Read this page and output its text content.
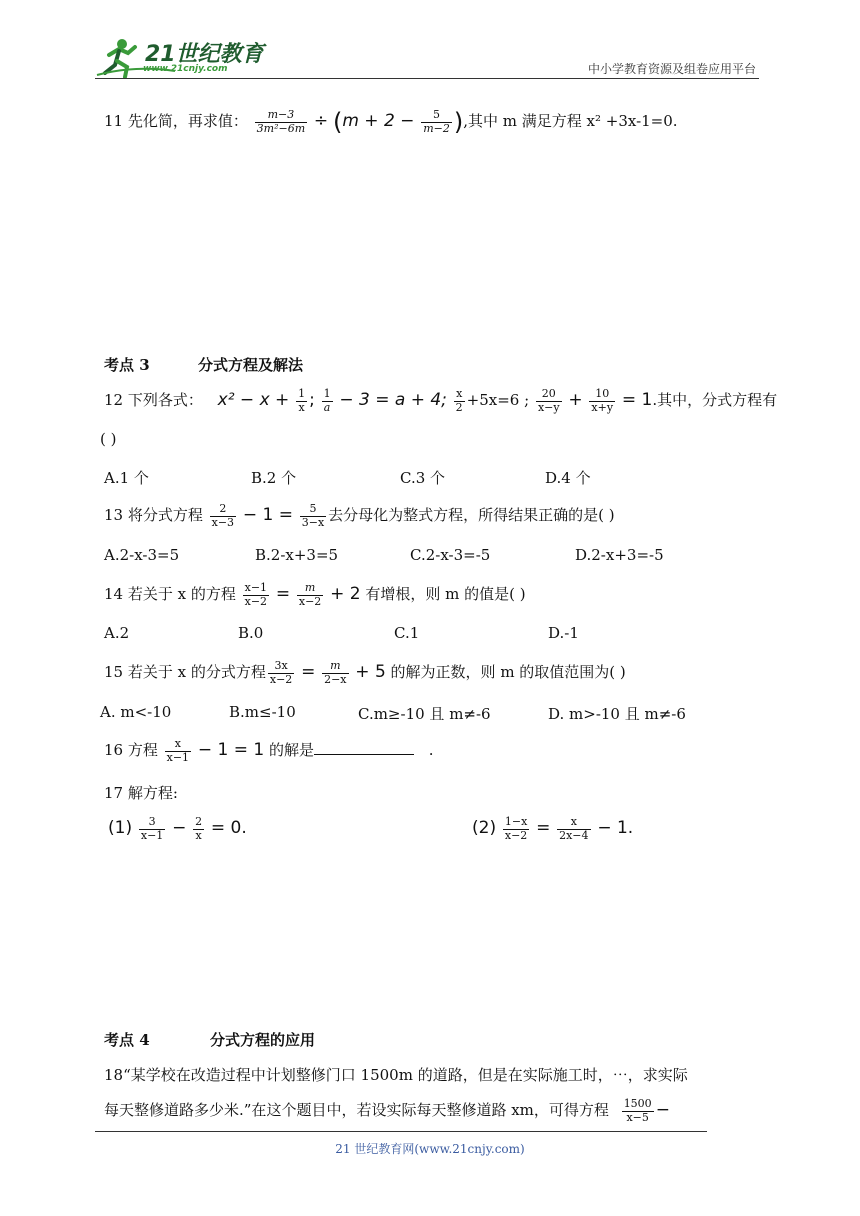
21世纪教育
www.21cnjy.com	中小学教育资源及组卷应用平台
11 先化简，再求值： $\frac{m-3}{\text{3m²−6m}} \div (m + 2 - \frac{5}{m-2}$ ),其中 m 满足方程 x² +3x-1=0.
考点 3	分式方程及解法
12 下列各式： $x^2 - x + \frac{1}{x}$ ; $\frac{1}{a} - 3 = a + 4$; $\frac{x}{2} +5x=6$ ; $\frac{20}{x-y} + \frac{10}{x+y} = 1$.其中，分式方程有
( )
A.1 个	B.2 个	C.3 个	D.4 个
13 将分式方程 $\frac{2}{x-3} - 1 = \frac{5}{3-x}$ 去分母化为整式方程，所得结果正确的是( )
A.2-x-3=5	B.2-x+3=5	C.2-x-3=-5	D.2-x+3=-5
14 若关于 x 的方程 $\frac{x-1}{x-2} = \frac{m}{x-2} + 2$ 有增根，则 m 的值是( )
A.2	B.0	C.1	D.-1
15 若关于 x 的分式方程 $\frac{3x}{x-2} = \frac{m}{2-x} + 5$ 的解为正数，则 m 的取值范围为( )
A. m<-10	B.m≤-10	C.m≥-10 且 m≠-6	D. m>-10 且 m≠-6
16 方程 $\frac{x}{x-1} - 1 = 1$ 的解是	.
17 解方程:
$(1) \frac{3}{x-1} - \frac{2}{x} = 0$.	$(2) \frac{1-x}{x-2} = \frac{x}{2x-4} - 1$.
考点 4	分式方程的应用
18“某学校在改造过程中计划整修门口 1500m 的道路，但是在实际施工时，⋯，求实际
每天整修道路多少米.”在这个题目中，若设实际每天整修道路 xm，可得方程 $\frac{1500}{x-5}$ −
21 世纪教育网(www.21cnjy.com)
